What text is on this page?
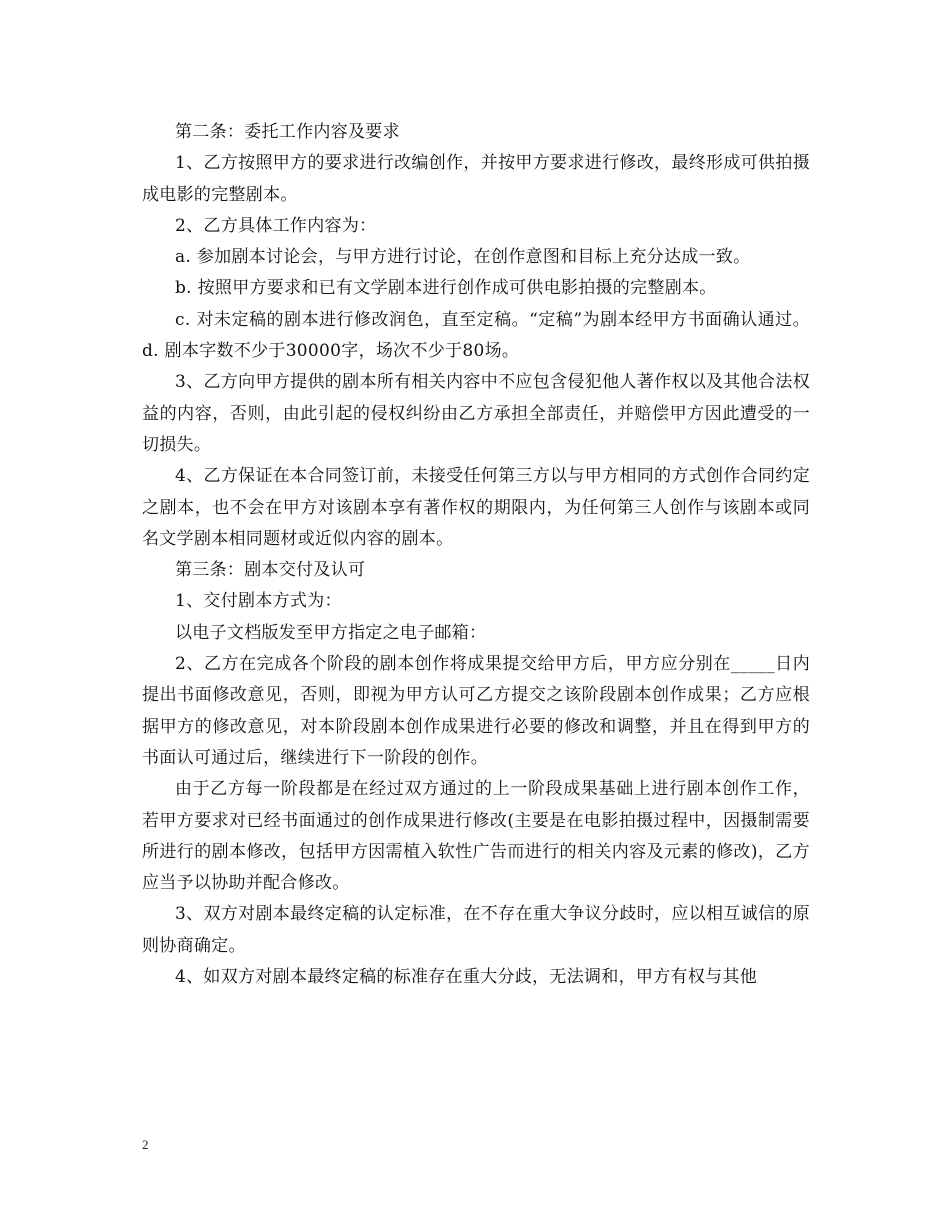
第二条：委托工作内容及要求

1、乙方按照甲方的要求进行改编创作，并按甲方要求进行修改，最终形成可供拍摄成电影的完整剧本。

2、乙方具体工作内容为：

a. 参加剧本讨论会，与甲方进行讨论，在创作意图和目标上充分达成一致。

b. 按照甲方要求和已有文学剧本进行创作成可供电影拍摄的完整剧本。

c. 对未定稿的剧本进行修改润色，直至定稿。“定稿”为剧本经甲方书面确认通过。 d. 剧本字数不少于30000字，场次不少于80场。

3、乙方向甲方提供的剧本所有相关内容中不应包含侵犯他人著作权以及其他合法权益的内容，否则，由此引起的侵权纠纷由乙方承担全部责任，并赔偿甲方因此遭受的一切损失。

4、乙方保证在本合同签订前，未接受任何第三方以与甲方相同的方式创作合同约定之剧本，也不会在甲方对该剧本享有著作权的期限内，为任何第三人创作与该剧本或同名文学剧本相同题材或近似内容的剧本。

第三条：剧本交付及认可

1、交付剧本方式为：

以电子文档版发至甲方指定之电子邮箱：

2、乙方在完成各个阶段的剧本创作将成果提交给甲方后，甲方应分别在_____日内提出书面修改意见，否则，即视为甲方认可乙方提交之该阶段剧本创作成果；乙方应根据甲方的修改意见，对本阶段剧本创作成果进行必要的修改和调整，并且在得到甲方的书面认可通过后，继续进行下一阶段的创作。

由于乙方每一阶段都是在经过双方通过的上一阶段成果基础上进行剧本创作工作，若甲方要求对已经书面通过的创作成果进行修改(主要是在电影拍摄过程中，因摄制需要所进行的剧本修改，包括甲方因需植入软性广告而进行的相关内容及元素的修改)，乙方应当予以协助并配合修改。

3、双方对剧本最终定稿的认定标准，在不存在重大争议分歧时，应以相互诚信的原则协商确定。

4、如双方对剧本最终定稿的标准存在重大分歧，无法调和，甲方有权与其他

2
